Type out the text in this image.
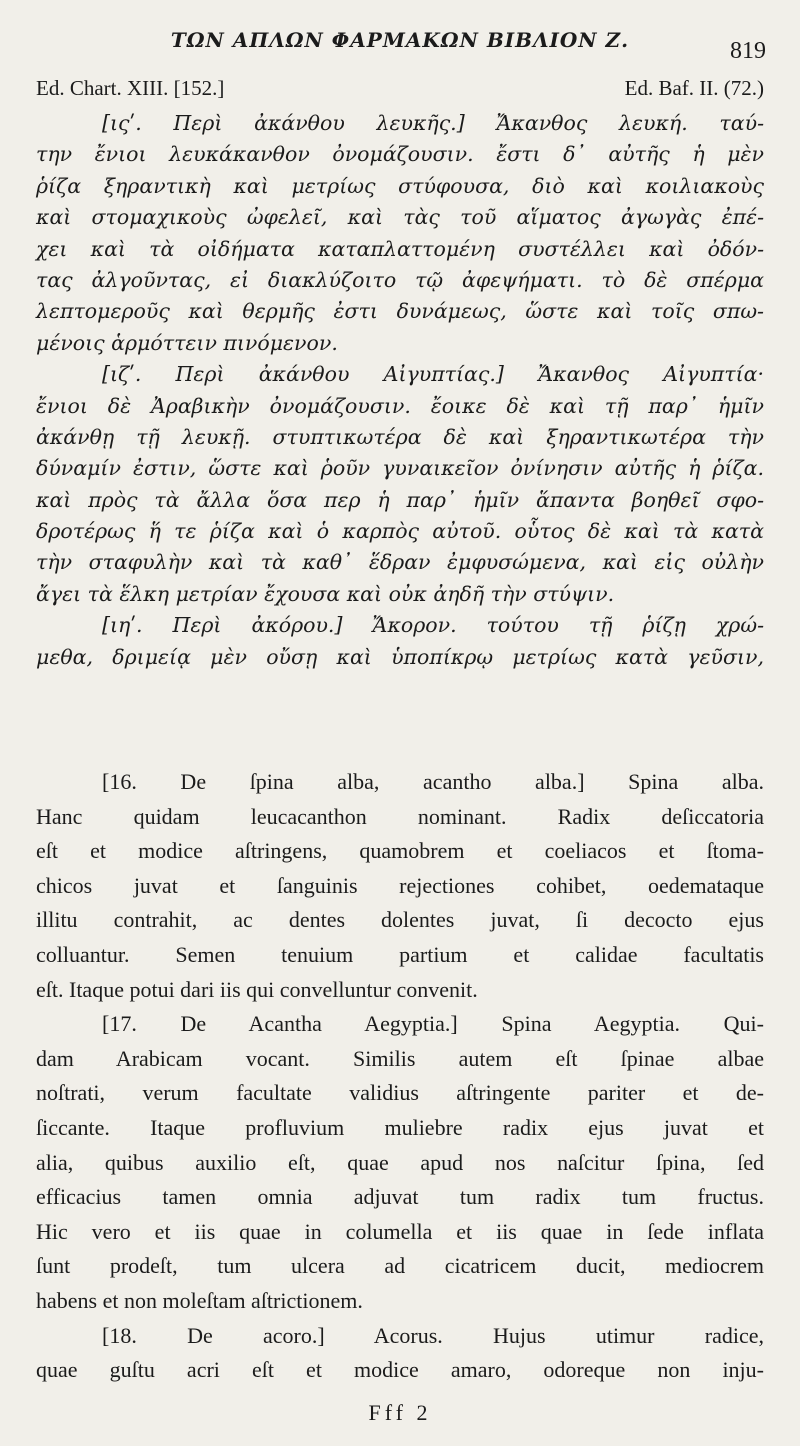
ΤΩΝ ΑΠΛΩΝ ΦΑΡΜΑΚΩΝ ΒΙΒΛΙΟΝ Ζ.	819
Ed. Chart. XIII. [152.]	Ed. Baf. II. (72.)
[ιςʹ. Περὶ ἀκάνθου λευκῆς.] Ἄκανθος λευκή. ταύ-
την ἔνιοι λευκάκανθον ὀνομάζουσιν. ἔστι δ᾽ αὐτῆς ἡ μὲν
ῥίζα ξηραντικὴ καὶ μετρίως στύφουσα, διὸ καὶ κοιλιακοὺς
καὶ στομαχικοὺς ὠφελεῖ, καὶ τὰς τοῦ αἵματος ἀγωγὰς ἐπέ-
χει καὶ τὰ οἰδήματα καταπλαττομένη συστέλλει καὶ ὀδόν-
τας ἀλγοῦντας, εἰ διακλύζοιτο τῷ ἀφεψήματι. τὸ δὲ σπέρμα
λεπτομεροῦς καὶ θερμῆς ἐστι δυνάμεως, ὥστε καὶ τοῖς σπω-
μένοις ἁρμόττειν πινόμενον.
[ιζʹ. Περὶ ἀκάνθου Αἰγυπτίας.] Ἄκανθος Αἰγυπτία·
ἔνιοι δὲ Ἀραβικὴν ὀνομάζουσιν. ἔοικε δὲ καὶ τῇ παρ᾽ ἡμῖν
ἀκάνθῃ τῇ λευκῇ. στυπτικωτέρα δὲ καὶ ξηραντικωτέρα τὴν
δύναμίν ἐστιν, ὥστε καὶ ῥοῦν γυναικεῖον ὀνίνησιν αὐτῆς ἡ ῥίζα.
καὶ πρὸς τὰ ἄλλα ὅσα περ ἡ παρ᾽ ἡμῖν ἅπαντα βοηθεῖ σφο-
δροτέρως ἥ τε ῥίζα καὶ ὁ καρπὸς αὐτοῦ. οὗτος δὲ καὶ τὰ κατὰ
τὴν σταφυλὴν καὶ τὰ καθ᾽ ἕδραν ἐμφυσώμενα, καὶ εἰς οὐλὴν
ἄγει τὰ ἕλκη μετρίαν ἔχουσα καὶ οὐκ ἀηδῆ τὴν στύψιν.
[ιηʹ. Περὶ ἀκόρου.] Ἄκορον. τούτου τῇ ῥίζῃ χρώ-
μεθα, δριμείᾳ μὲν οὔσῃ καὶ ὑποπίκρῳ μετρίως κατὰ γεῦσιν,
[16. De ſpina alba, acantho alba.] Spina alba.
Hanc quidam leucacanthon nominant. Radix deſiccatoria
eſt et modice aſtringens, quamobrem et coeliacos et ſtoma-
chicos juvat et ſanguinis rejectiones cohibet, oedemataque
illitu contrahit, ac dentes dolentes juvat, ſi decocto ejus
colluantur. Semen tenuium partium et calidae facultatis
eſt. Itaque potui dari iis qui convelluntur convenit.
[17. De Acantha Aegyptia.] Spina Aegyptia. Qui-
dam Arabicam vocant. Similis autem eſt ſpinae albae
noſtrati, verum facultate validius aſtringente pariter et de-
ſiccante. Itaque profluvium muliebre radix ejus juvat et
alia, quibus auxilio eſt, quae apud nos naſcitur ſpina, ſed
efficacius tamen omnia adjuvat tum radix tum fructus.
Hic vero et iis quae in columella et iis quae in ſede inflata
ſunt prodeſt, tum ulcera ad cicatricem ducit, mediocrem
habens et non moleſtam aſtrictionem.
[18. De acoro.] Acorus. Hujus utimur radice,
quae guſtu acri eſt et modice amaro, odoreque non inju-
Fff 2
